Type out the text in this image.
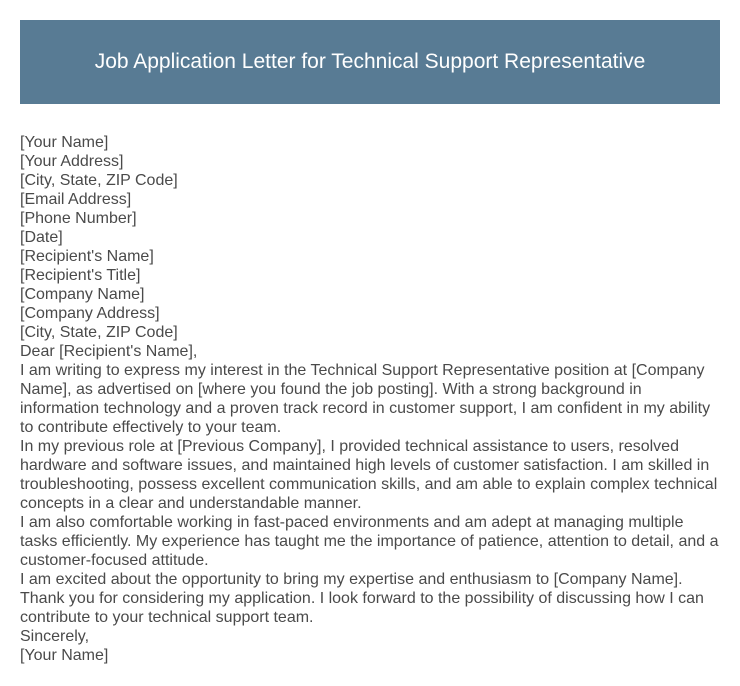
Job Application Letter for Technical Support Representative
[Your Name]
[Your Address]
[City, State, ZIP Code]
[Email Address]
[Phone Number]
[Date]
[Recipient's Name]
[Recipient's Title]
[Company Name]
[Company Address]
[City, State, ZIP Code]
Dear [Recipient's Name],

I am writing to express my interest in the Technical Support Representative position at [Company Name], as advertised on [where you found the job posting]. With a strong background in information technology and a proven track record in customer support, I am confident in my ability to contribute effectively to your team.

In my previous role at [Previous Company], I provided technical assistance to users, resolved hardware and software issues, and maintained high levels of customer satisfaction. I am skilled in troubleshooting, possess excellent communication skills, and am able to explain complex technical concepts in a clear and understandable manner.

I am also comfortable working in fast-paced environments and am adept at managing multiple tasks efficiently. My experience has taught me the importance of patience, attention to detail, and a customer-focused attitude.

I am excited about the opportunity to bring my expertise and enthusiasm to [Company Name]. Thank you for considering my application. I look forward to the possibility of discussing how I can contribute to your technical support team.

Sincerely,
[Your Name]
